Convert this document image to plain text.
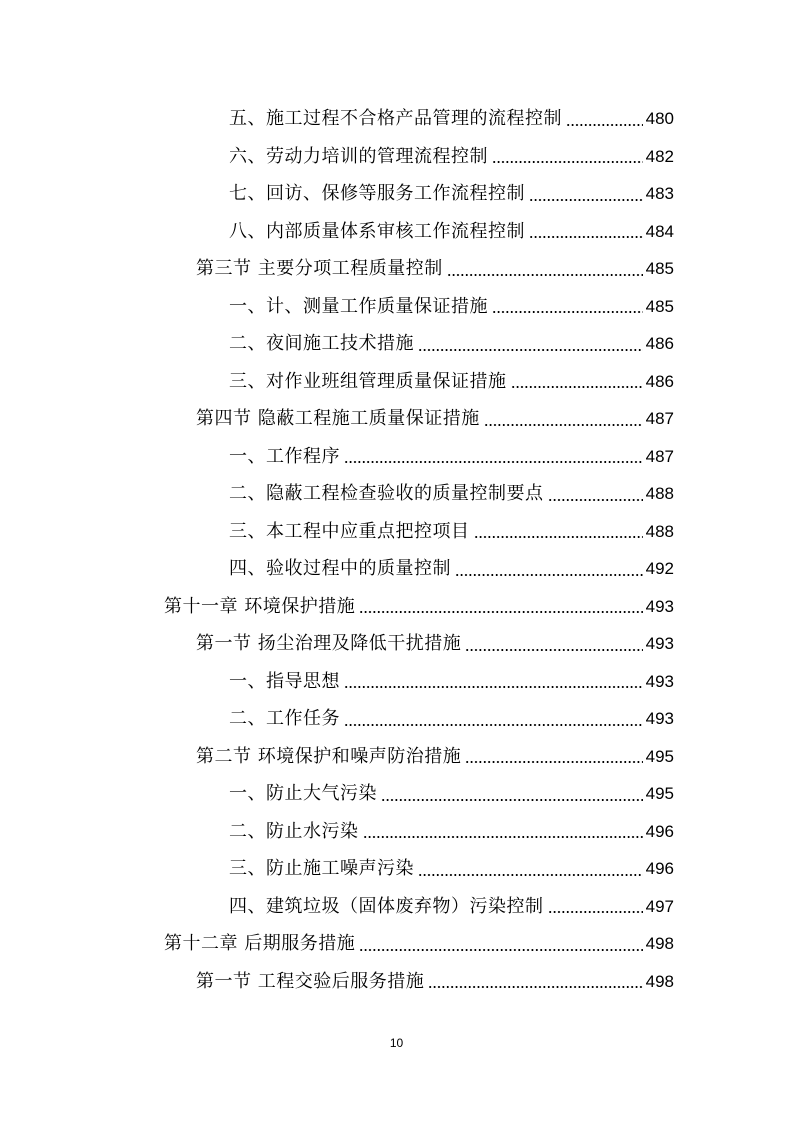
五、施工过程不合格产品管理的流程控制	480
六、劳动力培训的管理流程控制	482
七、回访、保修等服务工作流程控制	483
八、内部质量体系审核工作流程控制	484
第三节 主要分项工程质量控制	485
一、计、测量工作质量保证措施	485
二、夜间施工技术措施	486
三、对作业班组管理质量保证措施	486
第四节 隐蔽工程施工质量保证措施	487
一、工作程序	487
二、隐蔽工程检查验收的质量控制要点	488
三、本工程中应重点把控项目	488
四、验收过程中的质量控制	492
第十一章 环境保护措施	493
第一节 扬尘治理及降低干扰措施	493
一、指导思想	493
二、工作任务	493
第二节 环境保护和噪声防治措施	495
一、防止大气污染	495
二、防止水污染	496
三、防止施工噪声污染	496
四、建筑垃圾（固体废弃物）污染控制	497
第十二章 后期服务措施	498
第一节 工程交验后服务措施	498
10
